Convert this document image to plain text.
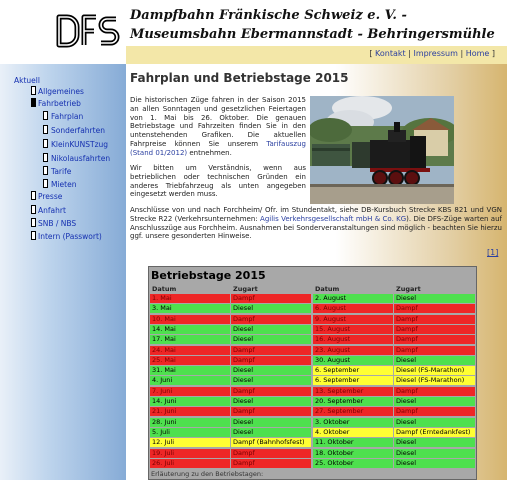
Dampfbahn Fränkische Schweiz e. V. -
Museumsbahn Ebermannstadt - Behringersmühle
[ Kontakt | Impressum | Home ]
Aktuell
Allgemeines
Fahrbetrieb
Fahrplan
Sonderfahrten
KleinKUNSTzug
Nikolausfahrten
Tarife
Mieten
Presse
Anfahrt
SNB / NBS
Intern (Passwort)
Fahrplan und Betriebstage 2015

Die historischen Züge fahren in der Saison 2015 an allen Sonntagen und gesetzlichen Feiertagen von 1. Mai bis 26. Oktober. Die genauen Betriebstage und Fahrzeiten finden Sie in den untenstehenden Grafiken. Die aktuellen Fahrpreise können Sie unserem Tarifauszug (Stand 01/2012) entnehmen.

Wir bitten um Verständnis, wenn aus betrieblichen oder technischen Gründen ein anderes Triebfahrzeug als unten angegeben eingesetzt werden muss.

Anschlüsse von und nach Forchheim/ Ofr. im Stundentakt, siehe DB-Kursbuch Strecke KBS 821 und VGN Strecke R22 (Verkehrsunternehmen: Agilis Verkehrsgesellschaft mbH & Co. KG). Die DFS-Züge warten auf Anschlusszüge aus Forchheim. Ausnahmen bei Sonderveranstaltungen sind möglich - beachten Sie hierzu ggf. unsere gesonderten Hinweise.

[1]
Betriebstage 2015
Datum	Zugart	Datum	Zugart
1. Mai	Dampf	2. August	Diesel
3. Mai	Diesel	6. August	Dampf
10. Mai	Dampf	9. August	Dampf
14. Mai	Diesel	15. August	Dampf
17. Mai	Diesel	16. August	Dampf
24. Mai	Dampf	23. August	Dampf
25. Mai	Dampf	30. August	Diesel
31. Mai	Diesel	6. September	Diesel (FS-Marathon)
4. Juni	Diesel	6. September	Diesel (FS-Marathon)
7. Juni	Dampf	13. September	Dampf
14. Juni	Diesel	20. September	Diesel
21. Juni	Dampf	27. September	Dampf
28. Juni	Diesel	3. Oktober	Diesel
5. Juli	Diesel	4. Oktober	Dampf (Erntedankfest)
12. Juli	Dampf (Bahnhofsfest)	11. Oktober	Diesel
19. Juli	Dampf	18. Oktober	Diesel
26. Juli	Dampf	25. Oktober	Diesel
Erläuterung zu den Betriebstagen:
